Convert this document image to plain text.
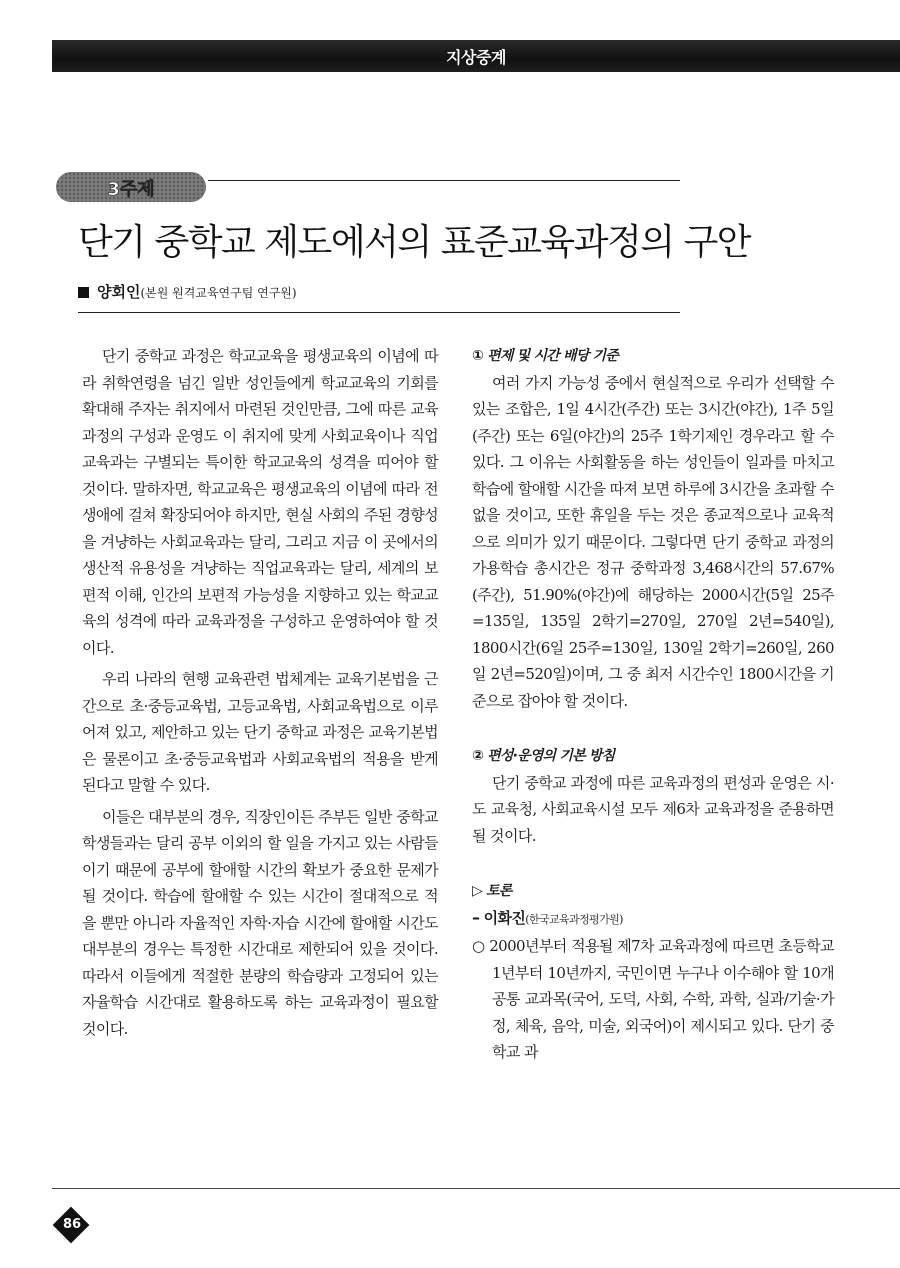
지상중계
3주제
단기 중학교 제도에서의 표준교육과정의 구안
양회인(본원 원격교육연구팀 연구원)

단기 중학교 과정은 학교교육을 평생교육의 이념에 따라 취학연령을 넘긴 일반 성인들에게 학교교육의 기회를 확대해 주자는 취지에서 마련된 것인만큼, 그에 따른 교육과정의 구성과 운영도 이 취지에 맞게 사회교육이나 직업교육과는 구별되는 특이한 학교교육의 성격을 띠어야 할 것이다. 말하자면, 학교교육은 평생교육의 이념에 따라 전생애에 걸쳐 확장되어야 하지만, 현실 사회의 주된 경향성을 겨냥하는 사회교육과는 달리, 그리고 지금 이 곳에서의 생산적 유용성을 겨냥하는 직업교육과는 달리, 세계의 보편적 이해, 인간의 보편적 가능성을 지향하고 있는 학교교육의 성격에 따라 교육과정을 구성하고 운영하여야 할 것이다.

우리 나라의 현행 교육관련 법체계는 교육기본법을 근간으로 초·중등교육법, 고등교육법, 사회교육법으로 이루어져 있고, 제안하고 있는 단기 중학교 과정은 교육기본법은 물론이고 초·중등교육법과 사회교육법의 적용을 받게 된다고 말할 수 있다.

이들은 대부분의 경우, 직장인이든 주부든 일반 중학교 학생들과는 달리 공부 이외의 할 일을 가지고 있는 사람들이기 때문에 공부에 할애할 시간의 확보가 중요한 문제가 될 것이다. 학습에 할애할 수 있는 시간이 절대적으로 적을 뿐만 아니라 자율적인 자학·자습 시간에 할애할 시간도 대부분의 경우는 특정한 시간대로 제한되어 있을 것이다. 따라서 이들에게 적절한 분량의 학습량과 고정되어 있는 자율학습 시간대로 활용하도록 하는 교육과정이 필요할 것이다.

① 편제 및 시간 배당 기준

여러 가지 가능성 중에서 현실적으로 우리가 선택할 수 있는 조합은, 1일 4시간(주간) 또는 3시간(야간), 1주 5일(주간) 또는 6일(야간)의 25주 1학기제인 경우라고 할 수 있다. 그 이유는 사회활동을 하는 성인들이 일과를 마치고 학습에 할애할 시간을 따져 보면 하루에 3시간을 초과할 수 없을 것이고, 또한 휴일을 두는 것은 종교적으로나 교육적으로 의미가 있기 때문이다. 그렇다면 단기 중학교 과정의 가용학습 총시간은 정규 중학과정 3,468시간의 57.67%(주간), 51.90%(야간)에 해당하는 2000시간(5일 25주=135일, 135일 2학기=270일, 270일 2년=540일), 1800시간(6일 25주=130일, 130일 2학기=260일, 260일 2년=520일)이며, 그 중 최저 시간수인 1800시간을 기준으로 잡아야 할 것이다.

② 편성·운영의 기본 방침

단기 중학교 과정에 따른 교육과정의 편성과 운영은 시·도 교육청, 사회교육시설 모두 제6차 교육과정을 준용하면 될 것이다.

▷ 토론

– 이화진(한국교육과정평가원)

○ 2000년부터 적용될 제7차 교육과정에 따르면 초등학교 1년부터 10년까지, 국민이면 누구나 이수해야 할 10개 공통 교과목(국어, 도덕, 사회, 수학, 과학, 실과/기술·가정, 체육, 음악, 미술, 외국어)이 제시되고 있다. 단기 중학교 과

86
